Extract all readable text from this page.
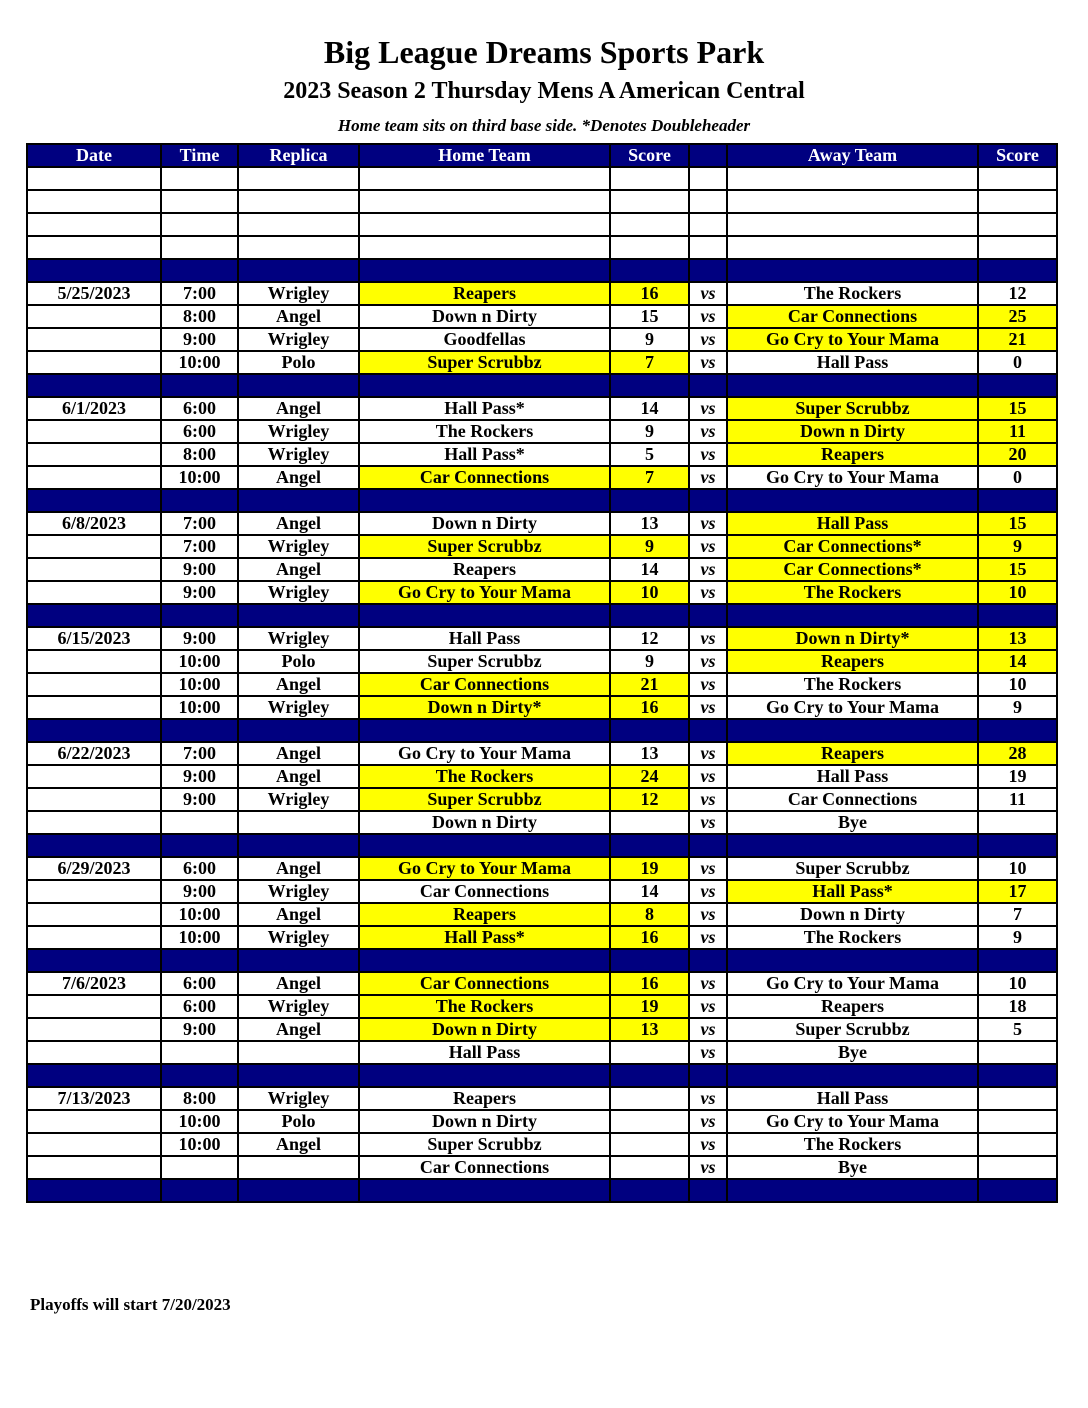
Big League Dreams Sports Park
2023 Season 2 Thursday Mens A American Central
Home team sits on third base side. *Denotes Doubleheader
Date	Time	Replica	Home Team	Score		Away Team	Score

5/25/2023	7:00	Wrigley	Reapers	16	vs	The Rockers	12
	8:00	Angel	Down n Dirty	15	vs	Car Connections	25
	9:00	Wrigley	Goodfellas	9	vs	Go Cry to Your Mama	21
	10:00	Polo	Super Scrubbz	7	vs	Hall Pass	0

6/1/2023	6:00	Angel	Hall Pass*	14	vs	Super Scrubbz	15
	6:00	Wrigley	The Rockers	9	vs	Down n Dirty	11
	8:00	Wrigley	Hall Pass*	5	vs	Reapers	20
	10:00	Angel	Car Connections	7	vs	Go Cry to Your Mama	0

6/8/2023	7:00	Angel	Down n Dirty	13	vs	Hall Pass	15
	7:00	Wrigley	Super Scrubbz	9	vs	Car Connections*	9
	9:00	Angel	Reapers	14	vs	Car Connections*	15
	9:00	Wrigley	Go Cry to Your Mama	10	vs	The Rockers	10

6/15/2023	9:00	Wrigley	Hall Pass	12	vs	Down n Dirty*	13
	10:00	Polo	Super Scrubbz	9	vs	Reapers	14
	10:00	Angel	Car Connections	21	vs	The Rockers	10
	10:00	Wrigley	Down n Dirty*	16	vs	Go Cry to Your Mama	9

6/22/2023	7:00	Angel	Go Cry to Your Mama	13	vs	Reapers	28
	9:00	Angel	The Rockers	24	vs	Hall Pass	19
	9:00	Wrigley	Super Scrubbz	12	vs	Car Connections	11
			Down n Dirty		vs	Bye	

6/29/2023	6:00	Angel	Go Cry to Your Mama	19	vs	Super Scrubbz	10
	9:00	Wrigley	Car Connections	14	vs	Hall Pass*	17
	10:00	Angel	Reapers	8	vs	Down n Dirty	7
	10:00	Wrigley	Hall Pass*	16	vs	The Rockers	9

7/6/2023	6:00	Angel	Car Connections	16	vs	Go Cry to Your Mama	10
	6:00	Wrigley	The Rockers	19	vs	Reapers	18
	9:00	Angel	Down n Dirty	13	vs	Super Scrubbz	5
			Hall Pass		vs	Bye	

7/13/2023	8:00	Wrigley	Reapers		vs	Hall Pass	
	10:00	Polo	Down n Dirty		vs	Go Cry to Your Mama	
	10:00	Angel	Super Scrubbz		vs	The Rockers	
			Car Connections		vs	Bye	

Playoffs will start 7/20/2023
